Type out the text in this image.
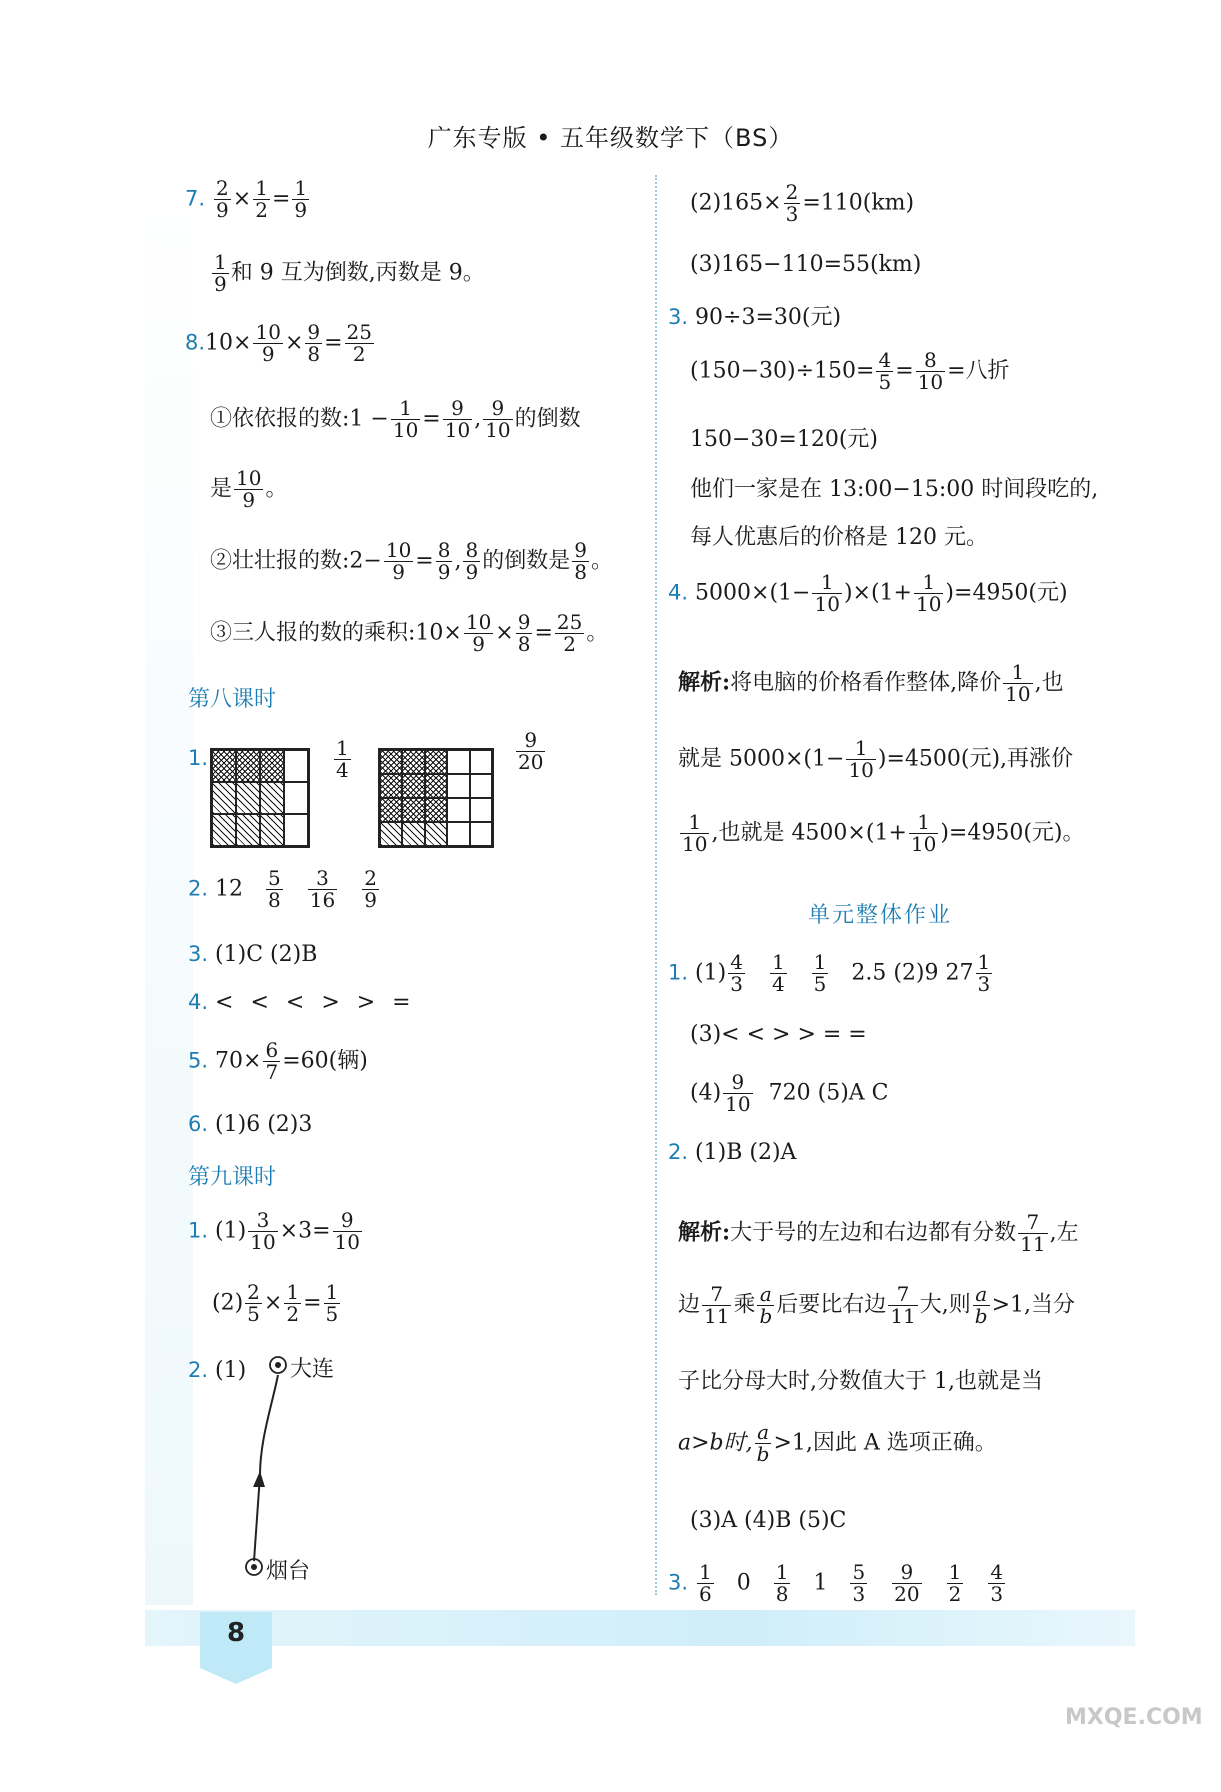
广东专版 • 五年级数学下（BS）
7. $\frac{2}{9} \times \frac{1}{2} = \frac{1}{9}$
$\frac{1}{9}$ 和 9 互为倒数,丙数是 9。
$8.10\times \frac{10}{9} \times \frac{9}{8} = \frac{25}{2}$
①依依报的数:1 − $\frac{1}{10} = \frac{9}{10}$ , $\frac{9}{10}$ 的倒数
是 $\frac{10}{9}$ 。
②壮壮报的数:2− $\frac{10}{9} = \frac{8}{9}$ , $\frac{8}{9}$ 的倒数是 $\frac{9}{8}$ 。
③三人报的数的乘积:10× $\frac{10}{9} \times \frac{9}{8} = \frac{25}{2}$ 。
第八课时
1.	$\frac{1}{4}$	$\frac{9}{20}$
2. $12 \frac{5}{8}$
$\frac{3}{16}$
$\frac{2}{9}$
3. (1)C (2)B
4. < < < > > =
5. $70\times \frac{6}{7} =60$(辆)
6. (1)6 (2)3
第九课时
1. $(1) \frac{3}{10} \times 3= \frac{9}{10}$
$(2) \frac{2}{5} \times \frac{1}{2} = \frac{1}{5}$
2. (1) 大连
烟台
$(2)165\times \frac{2}{3} =110(km)$
(3)165−110=55(km)
3. 90÷3=30(元)
$(150-30)\div 150= \frac{4}{5} = \frac{8}{10}$ =八折
150−30=120(元)
他们一家是在 13:00−15:00 时间段吃的,
每人优惠后的价格是 120 元。
4. $5000\times(1- \frac{1}{10} )\times(1+ \frac{1}{10} )=4950$(元)
解析:将电脑的价格看作整体,降价 $\frac{1}{10}$ ,也
就是 $5000\times(1- \frac{1}{10} )=4500$(元),再涨价
$\frac{1}{10}$ ,也就是 $4500\times(1+ \frac{1}{10} )=4950$(元)。
单元整体作业
1. $(1) \frac{4}{3}$
$\frac{1}{4}$
$\frac{1}{5} 2.5$ (2)9 $27 \frac{1}{3}$
(3)< < > > = =
$(4) \frac{9}{10} 720$ (5)A C
2. (1)B (2)A
解析:大于号的左边和右边都有分数 $\frac{7}{11}$ ,左
边 $\frac{7}{11}$ 乘 $\frac{a}{b}$ 后要比右边 $\frac{7}{11}$ 大,则 $\frac{a}{b} >1$,当分
子比分母大时,分数值大于 1,也就是当
a>b时, $\frac{a}{b} >1$,因此 A 选项正确。
(3)A (4)B (5)C
3. $\frac{1}{6} 0 \frac{1}{8} 1 \frac{5}{3}$
$\frac{9}{20}$
$\frac{1}{2}$
$\frac{4}{3}$
8
MXQE.COM
